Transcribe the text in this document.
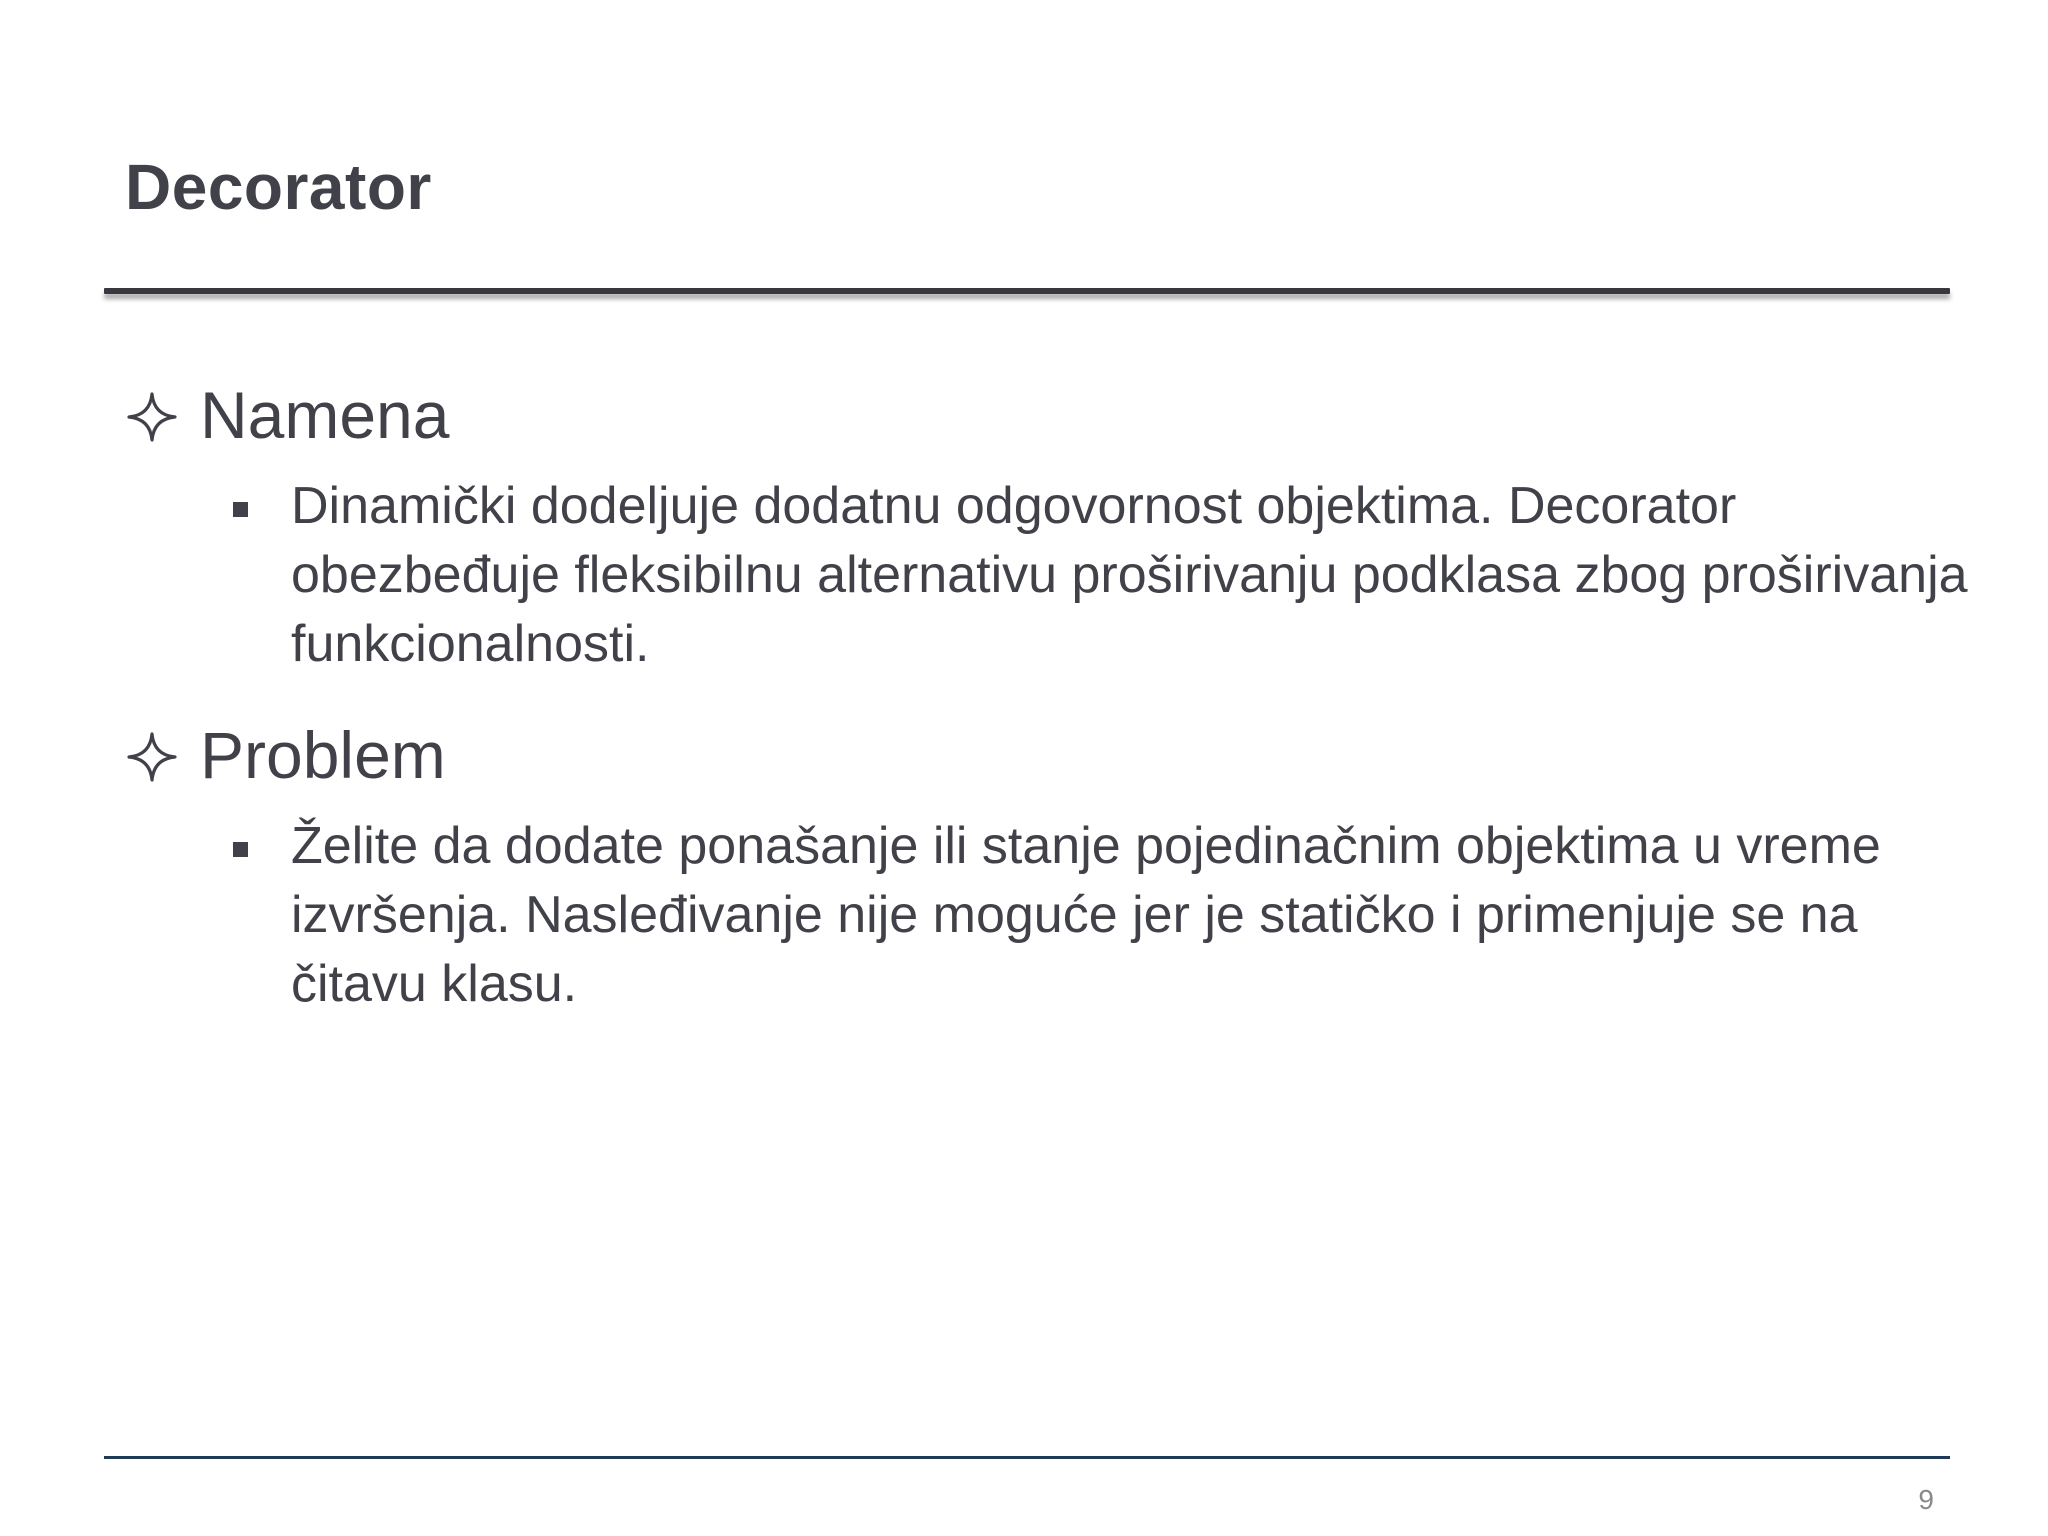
Decorator
Namena
Dinamički dodeljuje dodatnu odgovornost objektima. Decorator obezbeđuje fleksibilnu alternativu proširivanju podklasa zbog proširivanja funkcionalnosti.
Problem
Želite da dodate ponašanje ili stanje pojedinačnim objektima u vreme izvršenja. Nasleđivanje nije moguće jer je statičko i primenjuje se na čitavu klasu.
9
